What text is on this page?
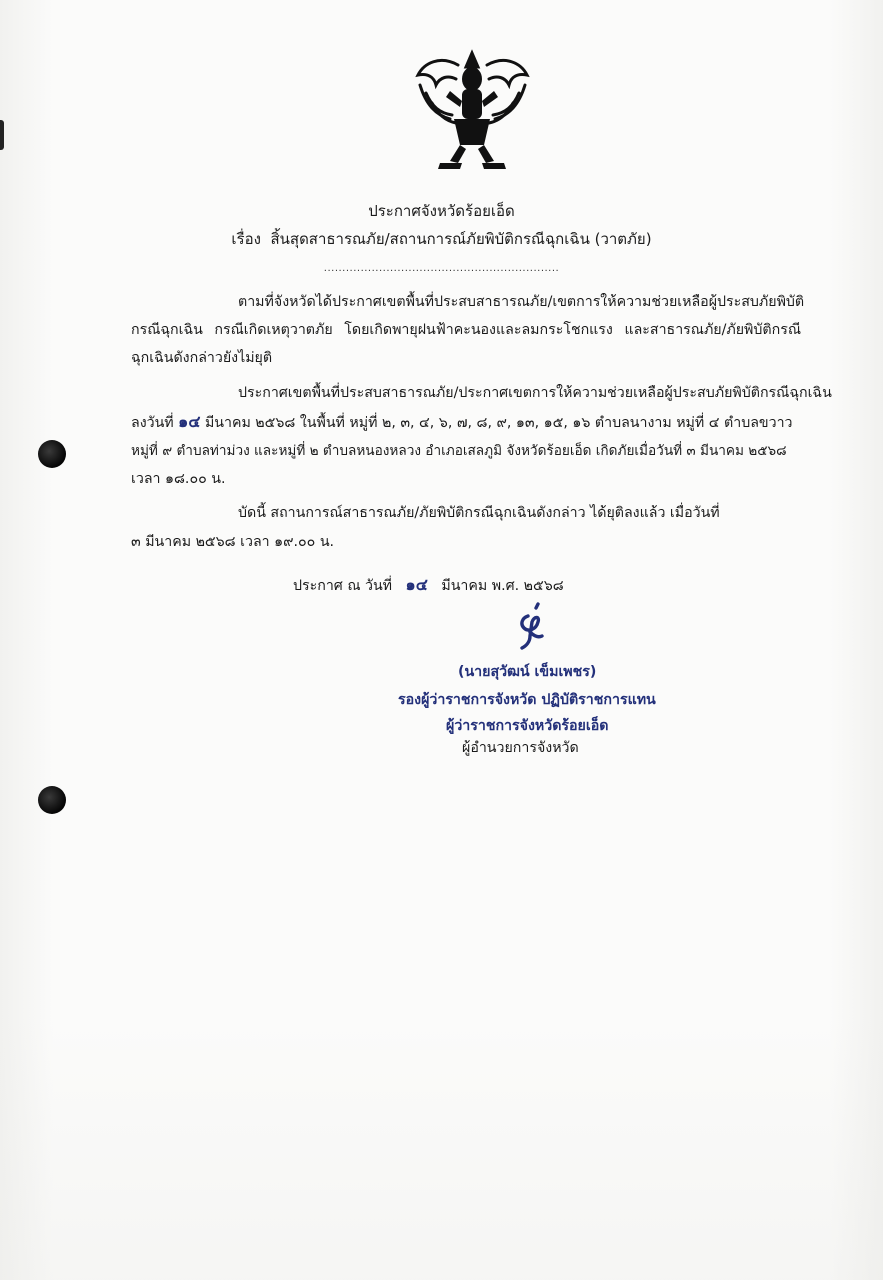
ประกาศจังหวัดร้อยเอ็ด
เรื่อง สิ้นสุดสาธารณภัย/สถานการณ์ภัยพิบัติกรณีฉุกเฉิน (วาตภัย)
................................................................
ตามที่จังหวัดได้ประกาศเขตพื้นที่ประสบสาธารณภัย/เขตการให้ความช่วยเหลือผู้ประสบภัยพิบัติ
กรณีฉุกเฉิน กรณีเกิดเหตุวาตภัย โดยเกิดพายุฝนฟ้าคะนองและลมกระโชกแรง และสาธารณภัย/ภัยพิบัติกรณี
ฉุกเฉินดังกล่าวยังไม่ยุติ
ประกาศเขตพื้นที่ประสบสาธารณภัย/ประกาศเขตการให้ความช่วยเหลือผู้ประสบภัยพิบัติกรณีฉุกเฉิน
ลงวันที่ ๑๔ มีนาคม ๒๕๖๘ ในพื้นที่ หมู่ที่ ๒, ๓, ๔, ๖, ๗, ๘, ๙, ๑๓, ๑๕, ๑๖ ตำบลนางาม หมู่ที่ ๔ ตำบลขวาว
หมู่ที่ ๙ ตำบลท่าม่วง และหมู่ที่ ๒ ตำบลหนองหลวง อำเภอเสลภูมิ จังหวัดร้อยเอ็ด เกิดภัยเมื่อวันที่ ๓ มีนาคม ๒๕๖๘
เวลา ๑๘.๐๐ น.
บัดนี้ สถานการณ์สาธารณภัย/ภัยพิบัติกรณีฉุกเฉินดังกล่าว ได้ยุติลงแล้ว เมื่อวันที่
๓ มีนาคม ๒๕๖๘ เวลา ๑๙.๐๐ น.
ประกาศ ณ วันที่ ๑๔ มีนาคม พ.ศ. ๒๕๖๘
(นายสุวัฒน์ เข็มเพชร)
รองผู้ว่าราชการจังหวัด ปฏิบัติราชการแทน
ผู้ว่าราชการจังหวัดร้อยเอ็ด
ผู้อำนวยการจังหวัด
